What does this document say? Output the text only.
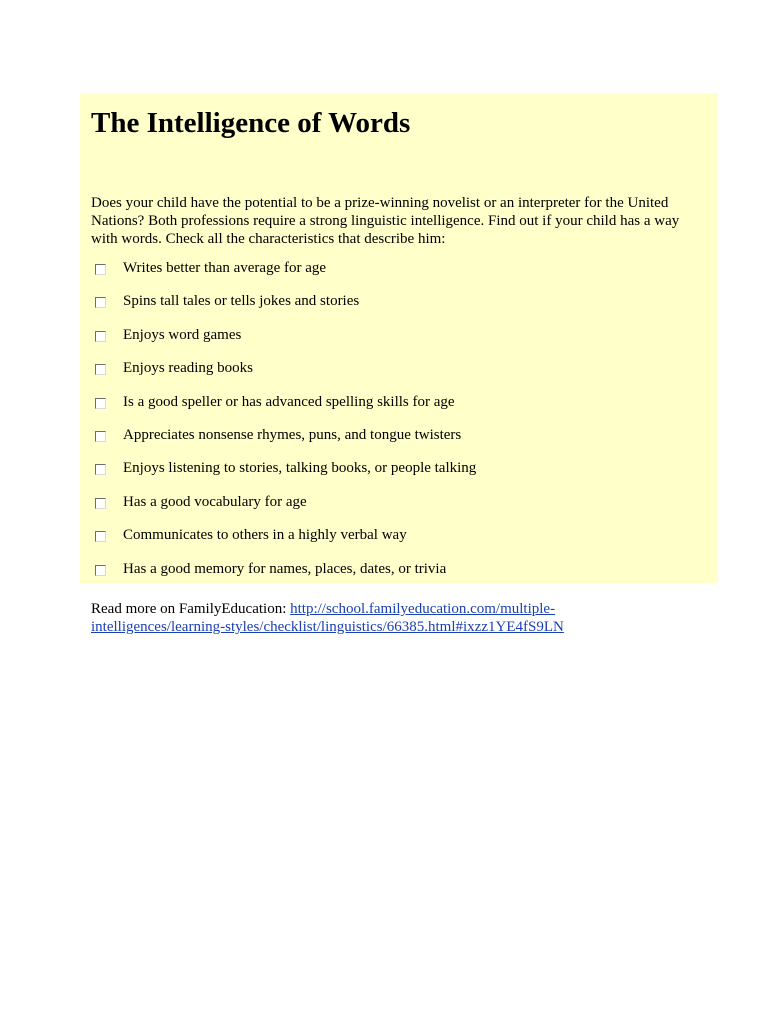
The Intelligence of Words

Does your child have the potential to be a prize-winning novelist or an interpreter for the United Nations? Both professions require a strong linguistic intelligence. Find out if your child has a way with words. Check all the characteristics that describe him:

Writes better than average for age
Spins tall tales or tells jokes and stories
Enjoys word games
Enjoys reading books
Is a good speller or has advanced spelling skills for age
Appreciates nonsense rhymes, puns, and tongue twisters
Enjoys listening to stories, talking books, or people talking
Has a good vocabulary for age
Communicates to others in a highly verbal way
Has a good memory for names, places, dates, or trivia

Read more on FamilyEducation: http://school.familyeducation.com/multiple-
intelligences/learning-styles/checklist/linguistics/66385.html#ixzz1YE4fS9LN
